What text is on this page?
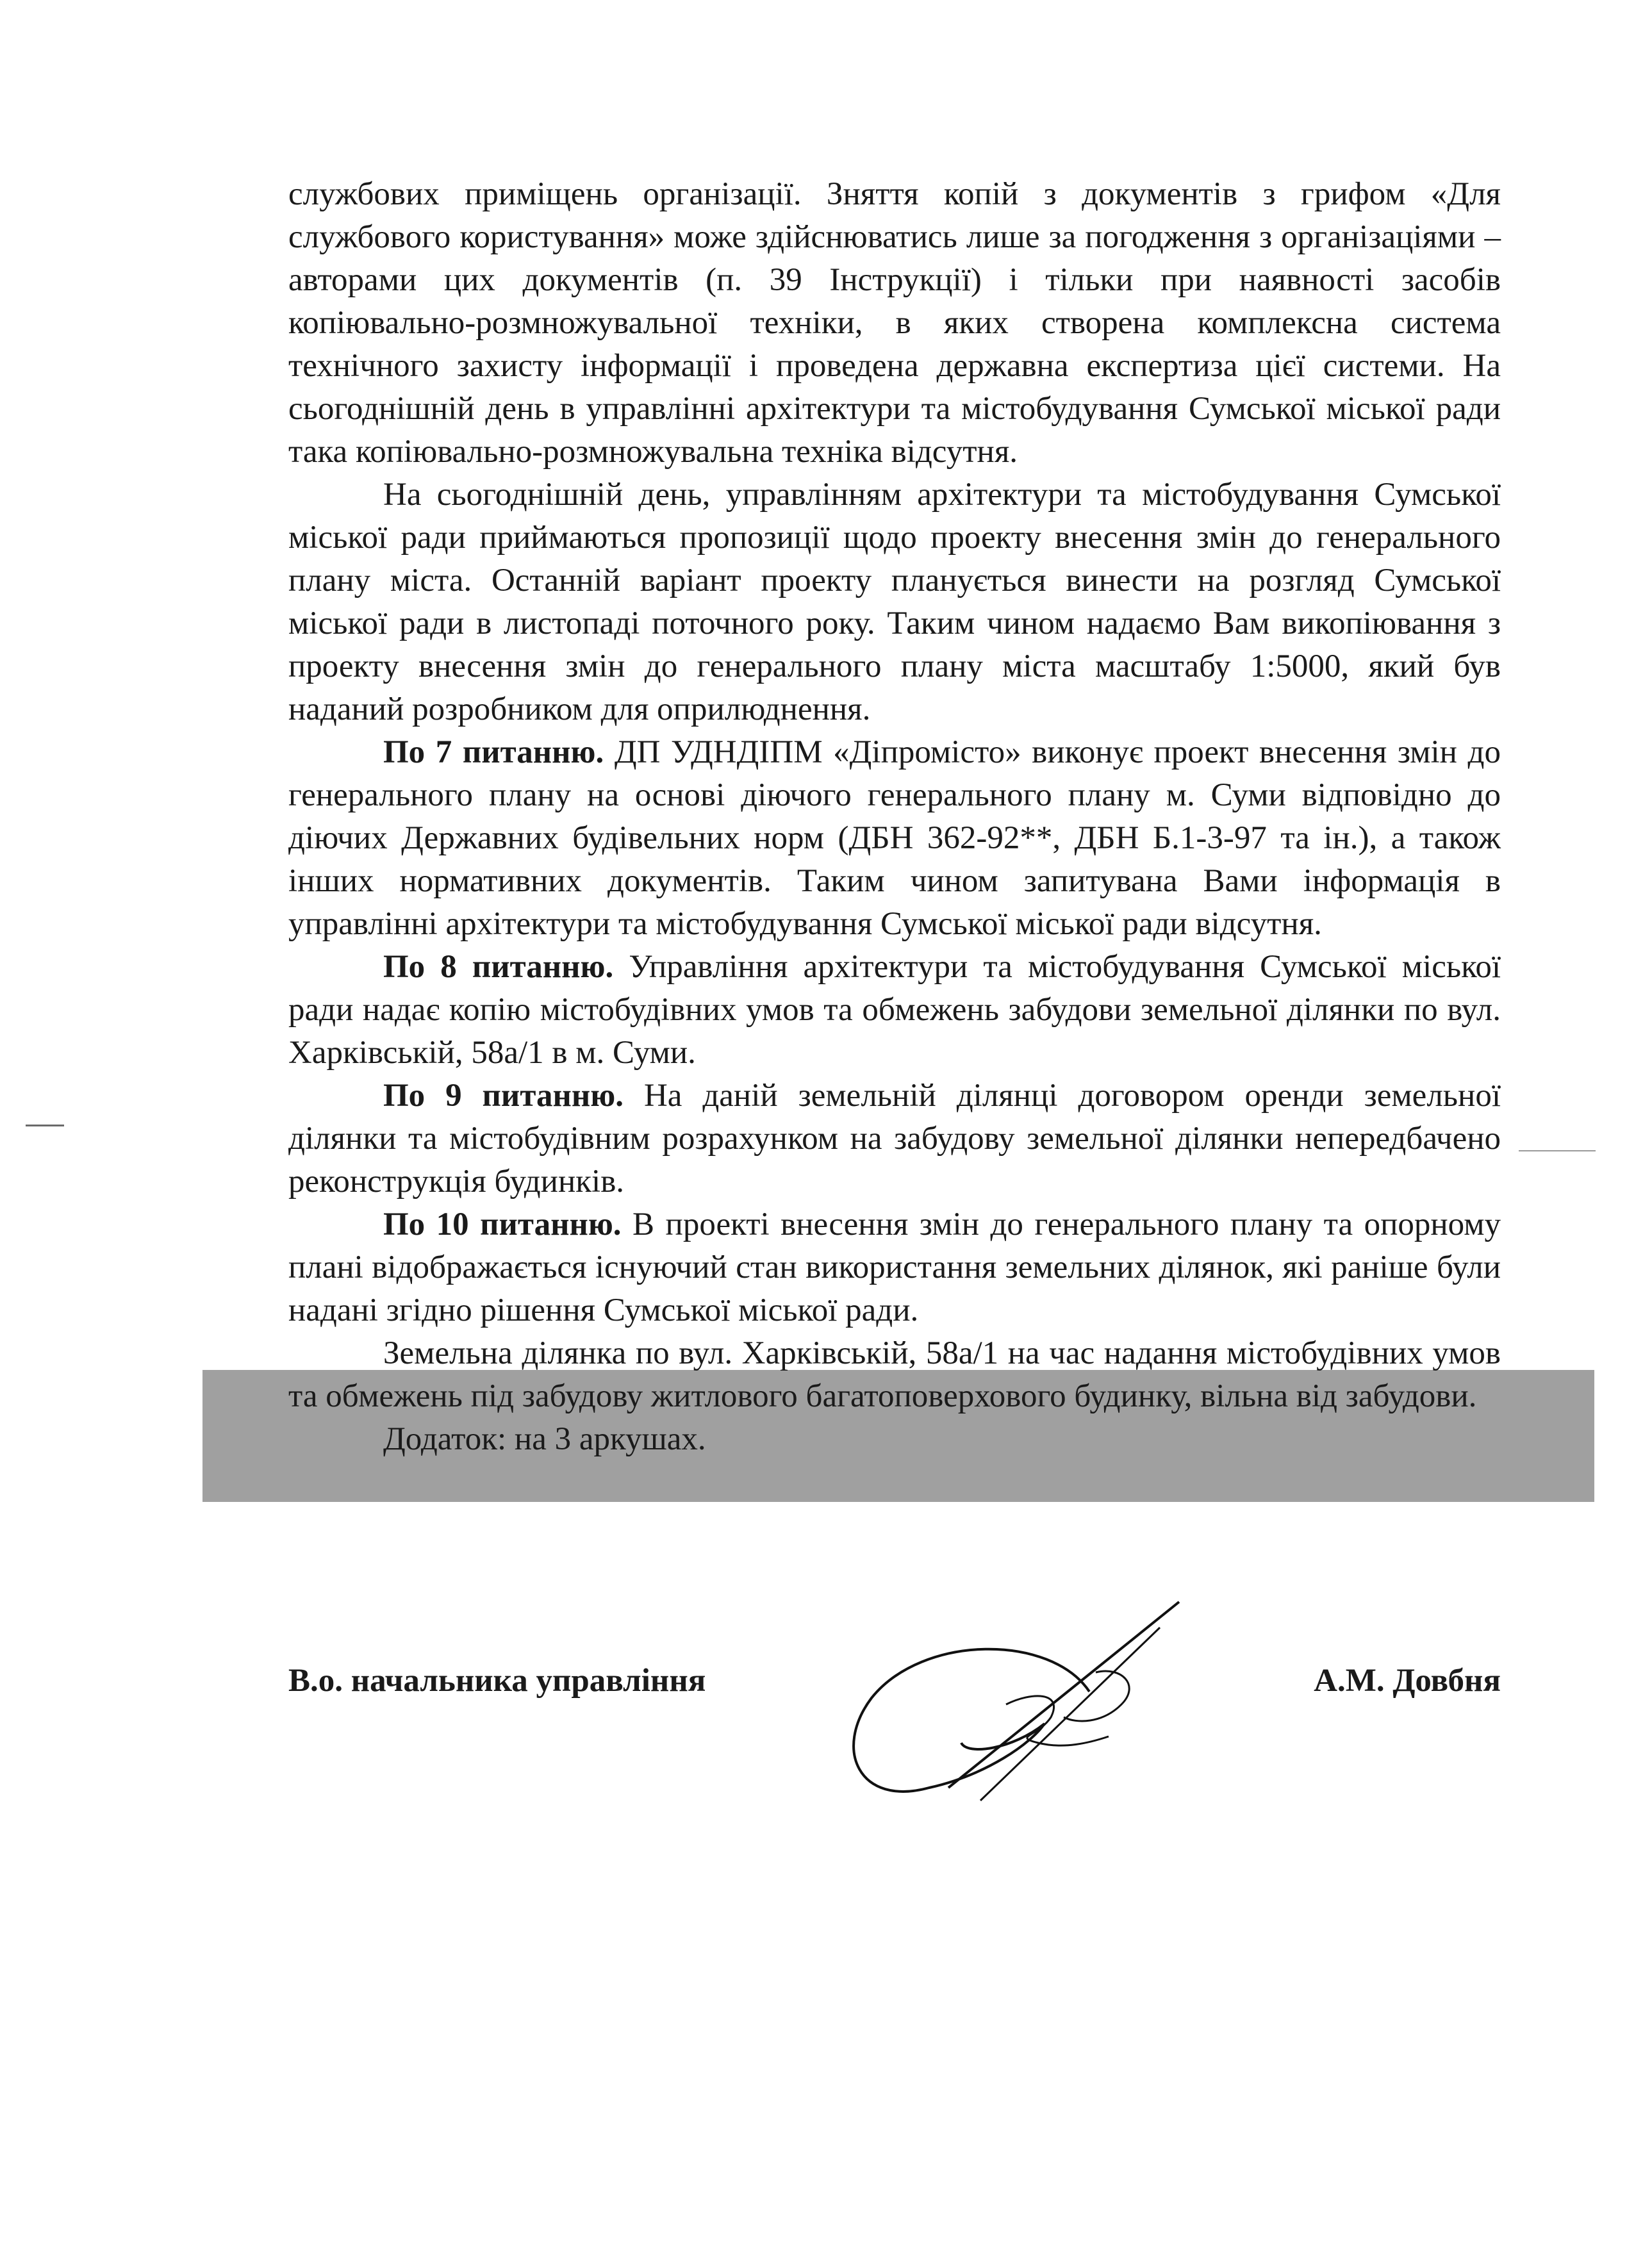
службових приміщень організації. Зняття копій з документів з грифом «Для службового користування» може здійснюватись лише за погодження з організаціями – авторами цих документів (п. 39 Інструкції) і тільки при наявності засобів копіювально-розмножувальної техніки, в яких створена комплексна система технічного захисту інформації і проведена державна експертиза цієї системи. На сьогоднішній день в управлінні архітектури та містобудування Сумської міської ради така копіювально-розмножувальна техніка відсутня.

На сьогоднішній день, управлінням архітектури та містобудування Сумської міської ради приймаються пропозиції щодо проекту внесення змін до генерального плану міста. Останній варіант проекту планується винести на розгляд Сумської міської ради в листопаді поточного року. Таким чином надаємо Вам викопіювання з проекту внесення змін до генерального плану міста масштабу 1:5000, який був наданий розробником для оприлюднення.

По 7 питанню. ДП УДНДІПМ «Діпромісто» виконує проект внесення змін до генерального плану на основі діючого генерального плану м. Суми відповідно до діючих Державних будівельних норм (ДБН 362-92**, ДБН Б.1-3-97 та ін.), а також інших нормативних документів. Таким чином запитувана Вами інформація в управлінні архітектури та містобудування Сумської міської ради відсутня.

По 8 питанню. Управління архітектури та містобудування Сумської міської ради надає копію містобудівних умов та обмежень забудови земельної ділянки по вул. Харківській, 58а/1 в м. Суми.

По 9 питанню. На даній земельній ділянці договором оренди земельної ділянки та містобудівним розрахунком на забудову земельної ділянки непередбачено реконструкція будинків.

По 10 питанню. В проекті внесення змін до генерального плану та опорному плані відображається існуючий стан використання земельних ділянок, які раніше були надані згідно рішення Сумської міської ради.

Земельна ділянка по вул. Харківській, 58а/1 на час надання містобудівних умов та обмежень під забудову житлового багатоповерхового будинку, вільна від забудови.

Додаток: на 3 аркушах.

В.о. начальника управління	А.М. Довбня
